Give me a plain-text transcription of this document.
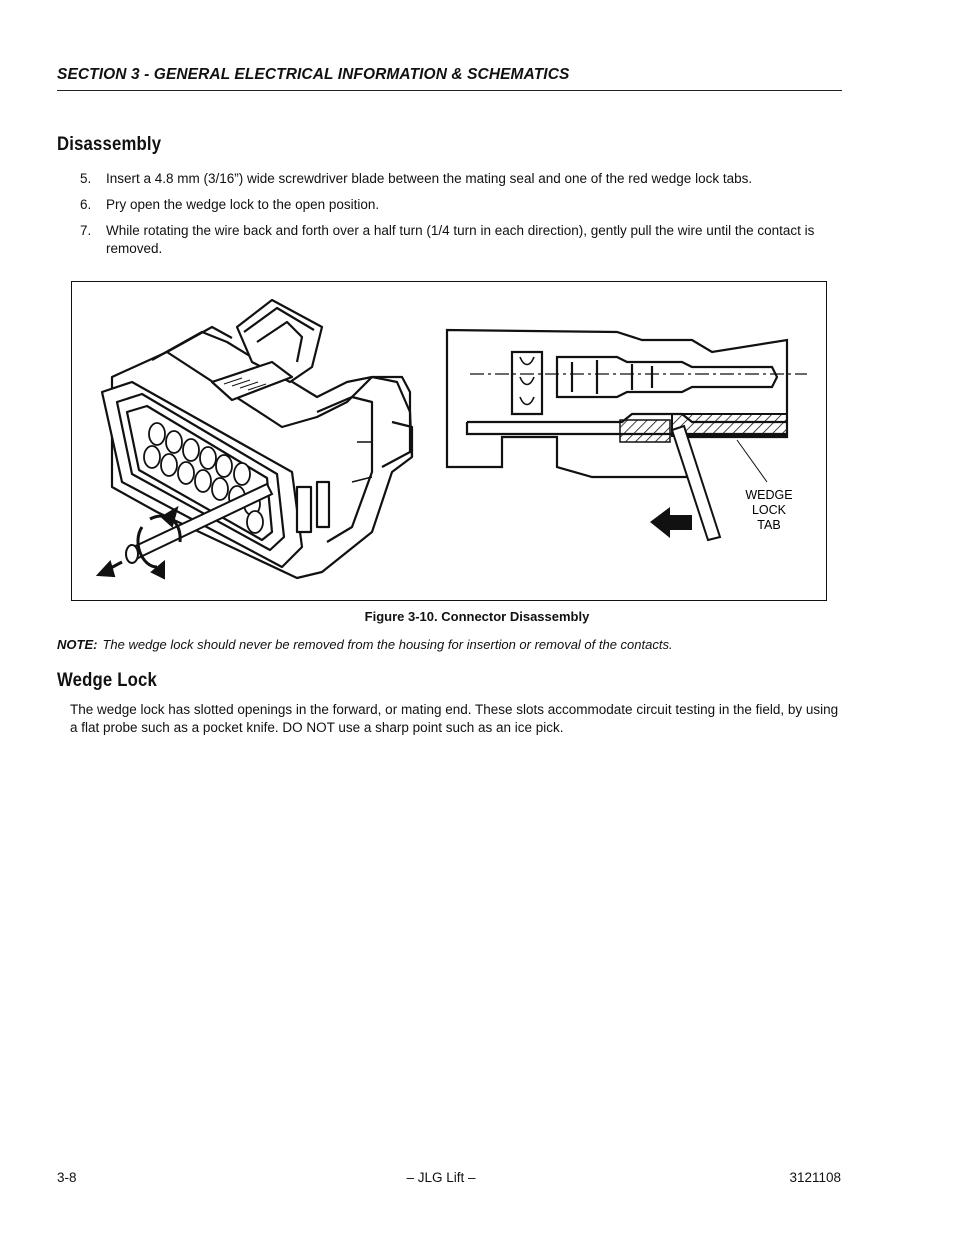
SECTION 3 - GENERAL ELECTRICAL INFORMATION & SCHEMATICS
Disassembly
5. Insert a 4.8 mm (3/16”) wide screwdriver blade between the mating seal and one of the red wedge lock tabs.
6. Pry open the wedge lock to the open position.
7. While rotating the wire back and forth over a half turn (1/4 turn in each direction), gently pull the wire until the contact is removed.
WEDGE
LOCK
TAB
Figure 3-10. Connector Disassembly
NOTE: The wedge lock should never be removed from the housing for insertion or removal of the contacts.
Wedge Lock
The wedge lock has slotted openings in the forward, or mating end. These slots accommodate circuit testing in the field, by using a flat probe such as a pocket knife. DO NOT use a sharp point such as an ice pick.
3-8	– JLG Lift –	3121108
